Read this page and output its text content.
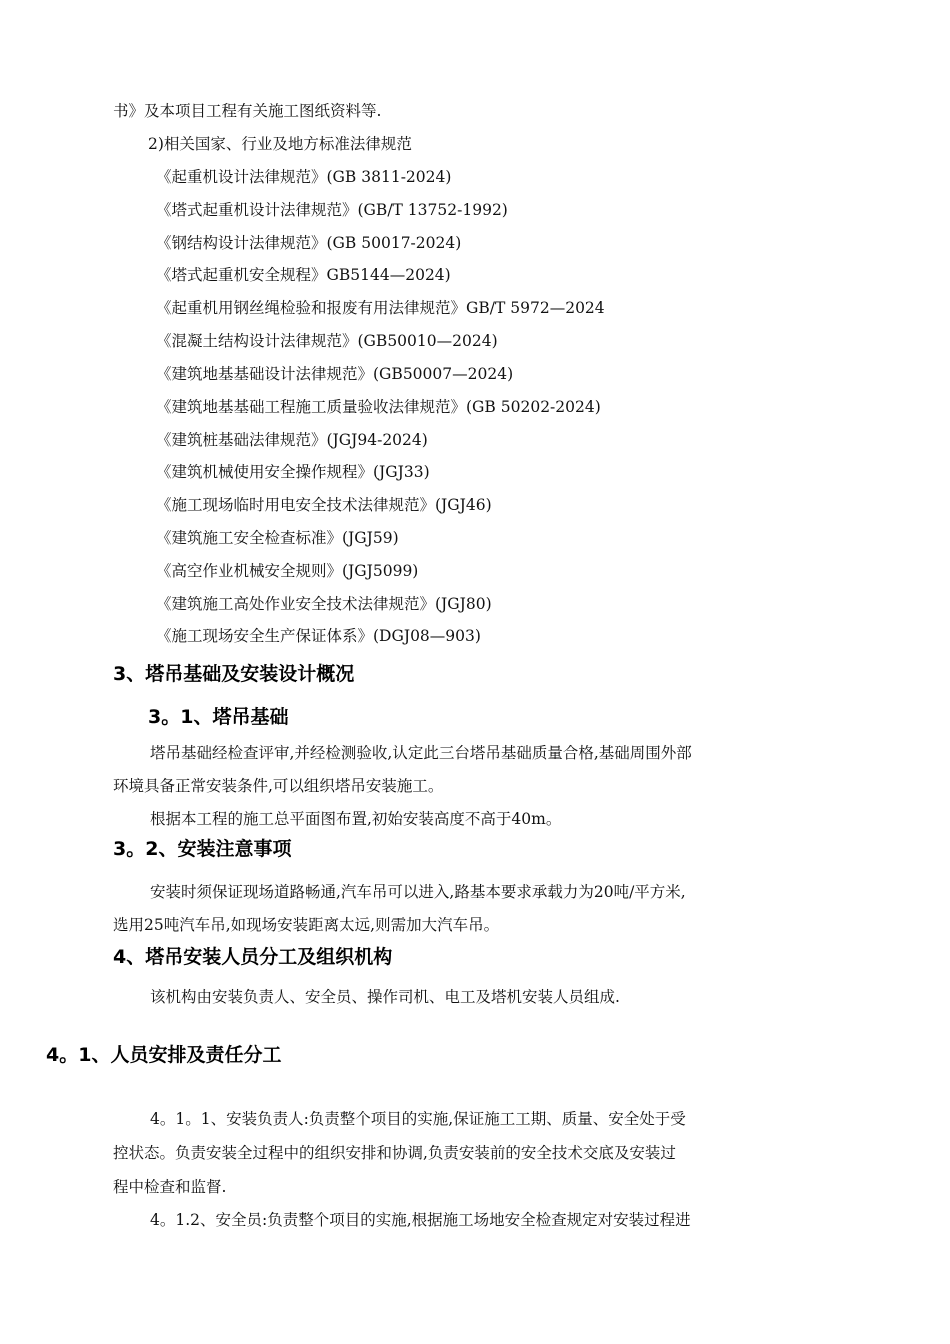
书》及本项目工程有关施工图纸资料等.
2)相关国家、行业及地方标准法律规范
《起重机设计法律规范》(GB 3811-2024)
《塔式起重机设计法律规范》(GB/T 13752-1992)
《钢结构设计法律规范》(GB 50017-2024)
《塔式起重机安全规程》GB5144—2024)
《起重机用钢丝绳检验和报废有用法律规范》GB/T 5972—2024
《混凝土结构设计法律规范》(GB50010—2024)
《建筑地基基础设计法律规范》(GB50007—2024)
《建筑地基基础工程施工质量验收法律规范》(GB 50202-2024)
《建筑桩基础法律规范》(JGJ94-2024)
《建筑机械使用安全操作规程》(JGJ33)
《施工现场临时用电安全技术法律规范》(JGJ46)
《建筑施工安全检查标准》(JGJ59)
《高空作业机械安全规则》(JGJ5099)
《建筑施工高处作业安全技术法律规范》(JGJ80)
《施工现场安全生产保证体系》(DGJ08—903)
3、塔吊基础及安装设计概况
3。1、塔吊基础
塔吊基础经检查评审,并经检测验收,认定此三台塔吊基础质量合格,基础周围外部
环境具备正常安装条件,可以组织塔吊安装施工。
根据本工程的施工总平面图布置,初始安装高度不高于40m。
3。2、安装注意事项
安装时须保证现场道路畅通,汽车吊可以进入,路基本要求承载力为20吨/平方米,
选用25吨汽车吊,如现场安装距离太远,则需加大汽车吊。
4、塔吊安装人员分工及组织机构
该机构由安装负责人、安全员、操作司机、电工及塔机安装人员组成.
4。1、人员安排及责任分工
4。1。1、安装负责人:负责整个项目的实施,保证施工工期、质量、安全处于受
控状态。负责安装全过程中的组织安排和协调,负责安装前的安全技术交底及安装过
程中检查和监督.
4。1.2、安全员:负责整个项目的实施,根据施工场地安全检查规定对安装过程进
